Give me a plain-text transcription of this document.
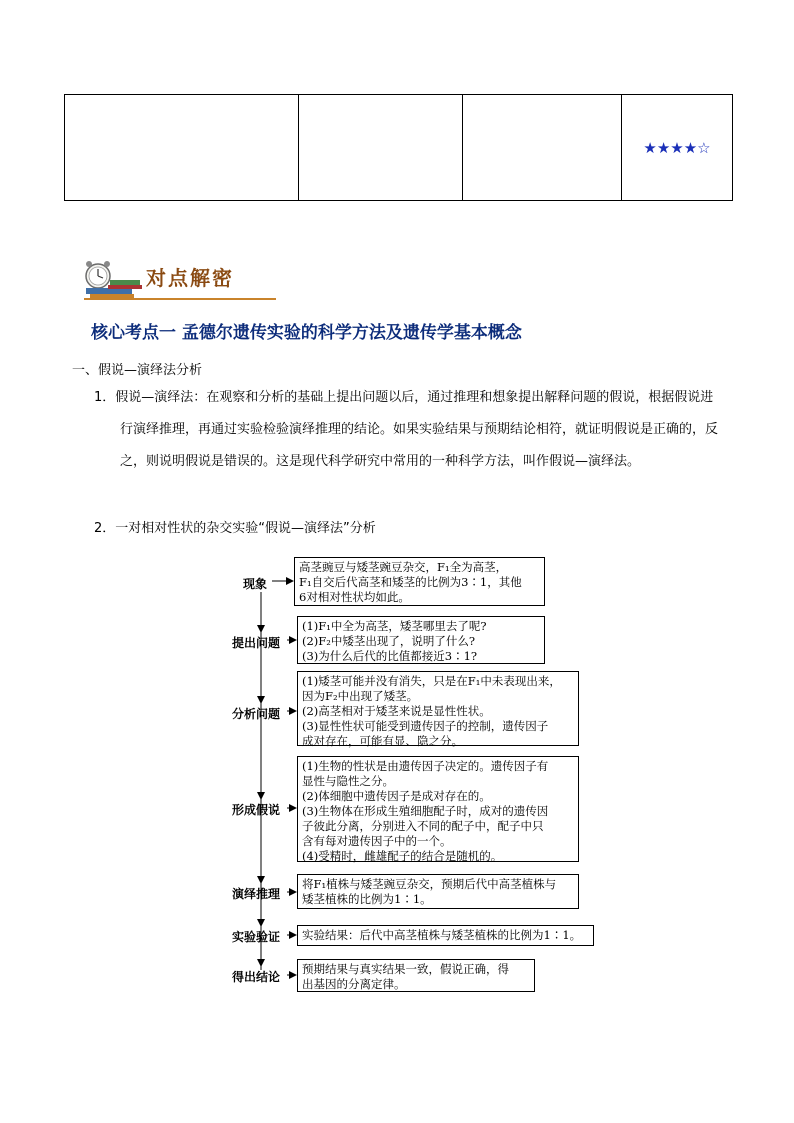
			★★★★☆
对点解密
核心考点一 孟德尔遗传实验的科学方法及遗传学基本概念
一、假说—演绎法分析
1．假说—演绎法：在观察和分析的基础上提出问题以后，通过推理和想象提出解释问题的假说，根据假说进行演绎推理，再通过实验检验演绎推理的结论。如果实验结果与预期结论相符，就证明假说是正确的，反之，则说明假说是错误的。这是现代科学研究中常用的一种科学方法，叫作假说—演绎法。
2．一对相对性状的杂交实验“假说—演绎法”分析
现象
提出问题
分析问题
形成假说
演绎推理
实验验证
得出结论
高茎豌豆与矮茎豌豆杂交，F₁全为高茎，
F₁自交后代高茎和矮茎的比例为3∶1，其他
6对相对性状均如此。
(1)F₁中全为高茎，矮茎哪里去了呢?
(2)F₂中矮茎出现了，说明了什么?
(3)为什么后代的比值都接近3∶1?
(1)矮茎可能并没有消失，只是在F₁中未表现出来，
因为F₂中出现了矮茎。
(2)高茎相对于矮茎来说是显性性状。
(3)显性性状可能受到遗传因子的控制，遗传因子
成对存在，可能有显、隐之分。
(1)生物的性状是由遗传因子决定的。遗传因子有
显性与隐性之分。
(2)体细胞中遗传因子是成对存在的。
(3)生物体在形成生殖细胞配子时，成对的遗传因
子彼此分离，分别进入不同的配子中，配子中只
含有每对遗传因子中的一个。
(4)受精时，雌雄配子的结合是随机的。
将F₁植株与矮茎豌豆杂交，预期后代中高茎植株与
矮茎植株的比例为1∶1。
实验结果：后代中高茎植株与矮茎植株的比例为1∶1。
预期结果与真实结果一致，假说正确，得
出基因的分离定律。
